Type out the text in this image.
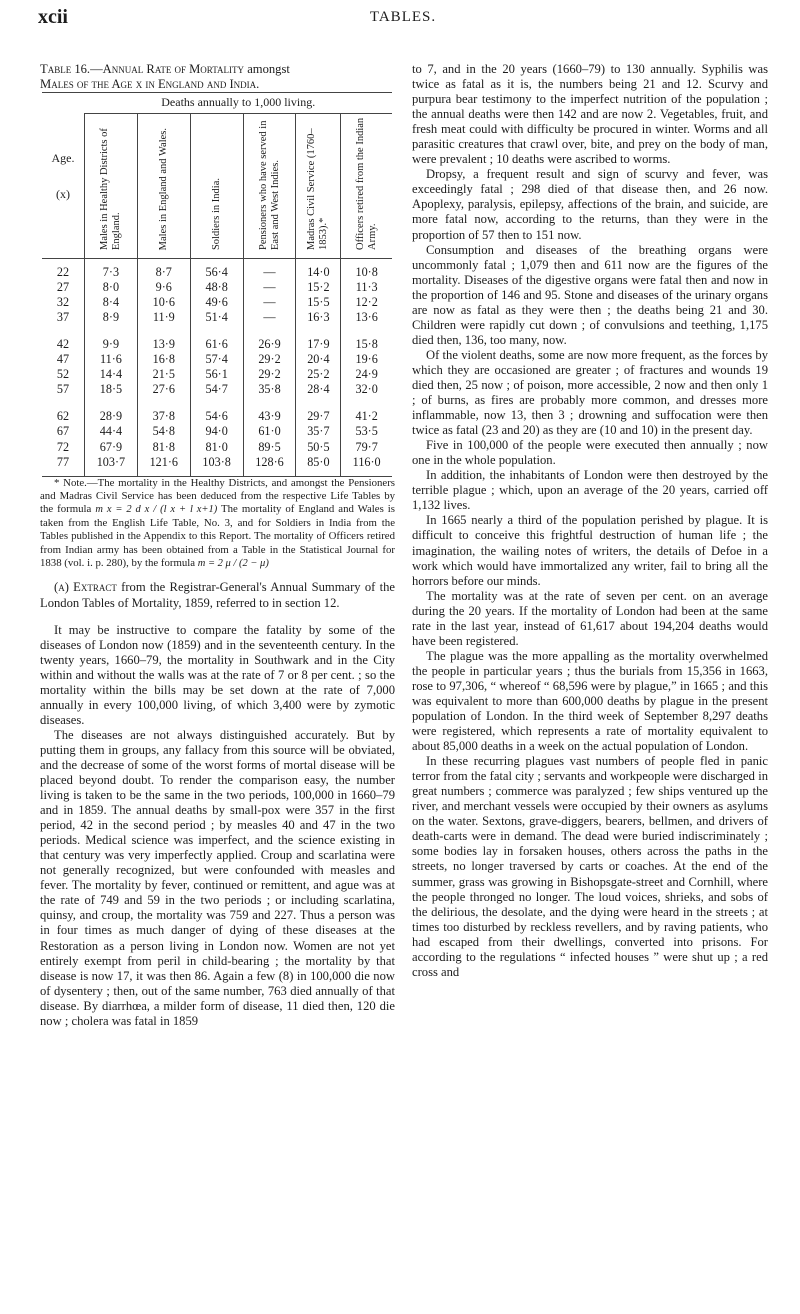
xcii	TABLES.

Table 16.—Annual Rate of Mortality amongst
Males of the Age x in England and India.

Age.

(x)	Deaths annually to 1,000 living.					
	Males in Healthy Districts of England.	Males in England and Wales.	Soldiers in India.	Pensioners who have served in East and West Indies.	Madras Civil Service (1760–1853).*	Officers retired from the Indian Army.

22	7·3	8·7	56·4	—	14·0	10·8
27	8·0	9·6	48·8	—	15·2	11·3
32	8·4	10·6	49·6	—	15·5	12·2
37	8·9	11·9	51·4	—	16·3	13·6

42	9·9	13·9	61·6	26·9	17·9	15·8
47	11·6	16·8	57·4	29·2	20·4	19·6
52	14·4	21·5	56·1	29·2	25·2	24·9
57	18·5	27·6	54·7	35·8	28·4	32·0

62	28·9	37·8	54·6	43·9	29·7	41·2
67	44·4	54·8	94·0	61·0	35·7	53·5
72	67·9	81·8	81·0	89·5	50·5	79·7
77	103·7	121·6	103·8	128·6	85·0	116·0

* Note.—The mortality in the Healthy Districts, and amongst the Pensioners and Madras Civil Service has been deduced from the respective Life Tables by the formula m x = 2 d x / (l x + l x+1) The mortality of England and Wales is taken from the English Life Table, No. 3, and for Soldiers in India from the Tables published in the Appendix to this Report. The mortality of Officers retired from Indian army has been obtained from a Table in the Statistical Journal for 1838 (vol. i. p. 280), by the formula m = 2 μ / (2 − μ)

(a) Extract from the Registrar-General's Annual Summary of the London Tables of Mortality, 1859, referred to in section 12.

It may be instructive to compare the fatality by some of the diseases of London now (1859) and in the seventeenth century. In the twenty years, 1660–79, the mortality in Southwark and in the City within and without the walls was at the rate of 7 or 8 per cent. ; so the mortality within the bills may be set down at the rate of 7,000 annually in every 100,000 living, of which 3,400 were by zymotic diseases.

The diseases are not always distinguished accurately. But by putting them in groups, any fallacy from this source will be obviated, and the decrease of some of the worst forms of mortal disease will be placed beyond doubt. To render the comparison easy, the number living is taken to be the same in the two periods, 100,000 in 1660–79 and in 1859. The annual deaths by small-pox were 357 in the first period, 42 in the second period ; by measles 40 and 47 in the two periods. Medical science was imperfect, and the science existing in that century was very imperfectly applied. Croup and scarlatina were not generally recognized, but were confounded with measles and fever. The mortality by fever, continued or remittent, and ague was at the rate of 749 and 59 in the two periods ; or including scarlatina, quinsy, and croup, the mortality was 759 and 227. Thus a person was in four times as much danger of dying of these diseases at the Restoration as a person living in London now. Women are not yet entirely exempt from peril in child-bearing ; the mortality by that disease is now 17, it was then 86. Again a few (8) in 100,000 die now of dysentery ; then, out of the same number, 763 died annually of that disease. By diarrhœa, a milder form of disease, 11 died then, 120 die now ; cholera was fatal in 1859

to 7, and in the 20 years (1660–79) to 130 annually. Syphilis was twice as fatal as it is, the numbers being 21 and 12. Scurvy and purpura bear testimony to the imperfect nutrition of the population ; the annual deaths were then 142 and are now 2. Vegetables, fruit, and fresh meat could with difficulty be procured in winter. Worms and all parasitic creatures that crawl over, bite, and prey on the body of man, were prevalent ; 10 deaths were ascribed to worms.

Dropsy, a frequent result and sign of scurvy and fever, was exceedingly fatal ; 298 died of that disease then, and 26 now. Apoplexy, paralysis, epilepsy, affections of the brain, and suicide, are more fatal now, according to the returns, than they were in the proportion of 57 then to 151 now.

Consumption and diseases of the breathing organs were uncommonly fatal ; 1,079 then and 611 now are the figures of the mortality. Diseases of the digestive organs were fatal then and now in the proportion of 146 and 95. Stone and diseases of the urinary organs are now as fatal as they were then ; the deaths being 21 and 30. Children were rapidly cut down ; of convulsions and teething, 1,175 died then, 136, too many, now.

Of the violent deaths, some are now more frequent, as the forces by which they are occasioned are greater ; of fractures and wounds 19 died then, 25 now ; of poison, more accessible, 2 now and then only 1 ; of burns, as fires are probably more common, and dresses more inflammable, now 13, then 3 ; drowning and suffocation were then twice as fatal (23 and 20) as they are (10 and 10) in the present day.

Five in 100,000 of the people were executed then annually ; now one in the whole population.

In addition, the inhabitants of London were then destroyed by the terrible plague ; which, upon an average of the 20 years, carried off 1,132 lives.

In 1665 nearly a third of the population perished by plague. It is difficult to conceive this frightful destruction of human life ; the imagination, the wailing notes of writers, the details of Defoe in a work which would have immortalized any writer, fail to bring all the horrors before our minds.

The mortality was at the rate of seven per cent. on an average during the 20 years. If the mortality of London had been at the same rate in the last year, instead of 61,617 about 194,204 deaths would have been registered.

The plague was the more appalling as the mortality overwhelmed the people in particular years ; thus the burials from 15,356 in 1663, rose to 97,306, “ whereof “ 68,596 were by plague,” in 1665 ; and this was equivalent to more than 600,000 deaths by plague in the present population of London. In the third week of September 8,297 deaths were registered, which represents a rate of mortality equivalent to about 85,000 deaths in a week on the actual population of London.

In these recurring plagues vast numbers of people fled in panic terror from the fatal city ; servants and workpeople were discharged in great numbers ; commerce was paralyzed ; few ships ventured up the river, and merchant vessels were occupied by their owners as asylums on the water. Sextons, grave-diggers, bearers, bellmen, and drivers of death-carts were in demand. The dead were buried indiscriminately ; some bodies lay in forsaken houses, others across the paths in the streets, no longer traversed by carts or coaches. At the end of the summer, grass was growing in Bishopsgate-street and Cornhill, where the people thronged no longer. The loud voices, shrieks, and sobs of the delirious, the desolate, and the dying were heard in the streets ; at times too disturbed by reckless revellers, and by raving patients, who had escaped from their dwellings, converted into prisons. For according to the regulations “ infected houses ” were shut up ; a red cross and
